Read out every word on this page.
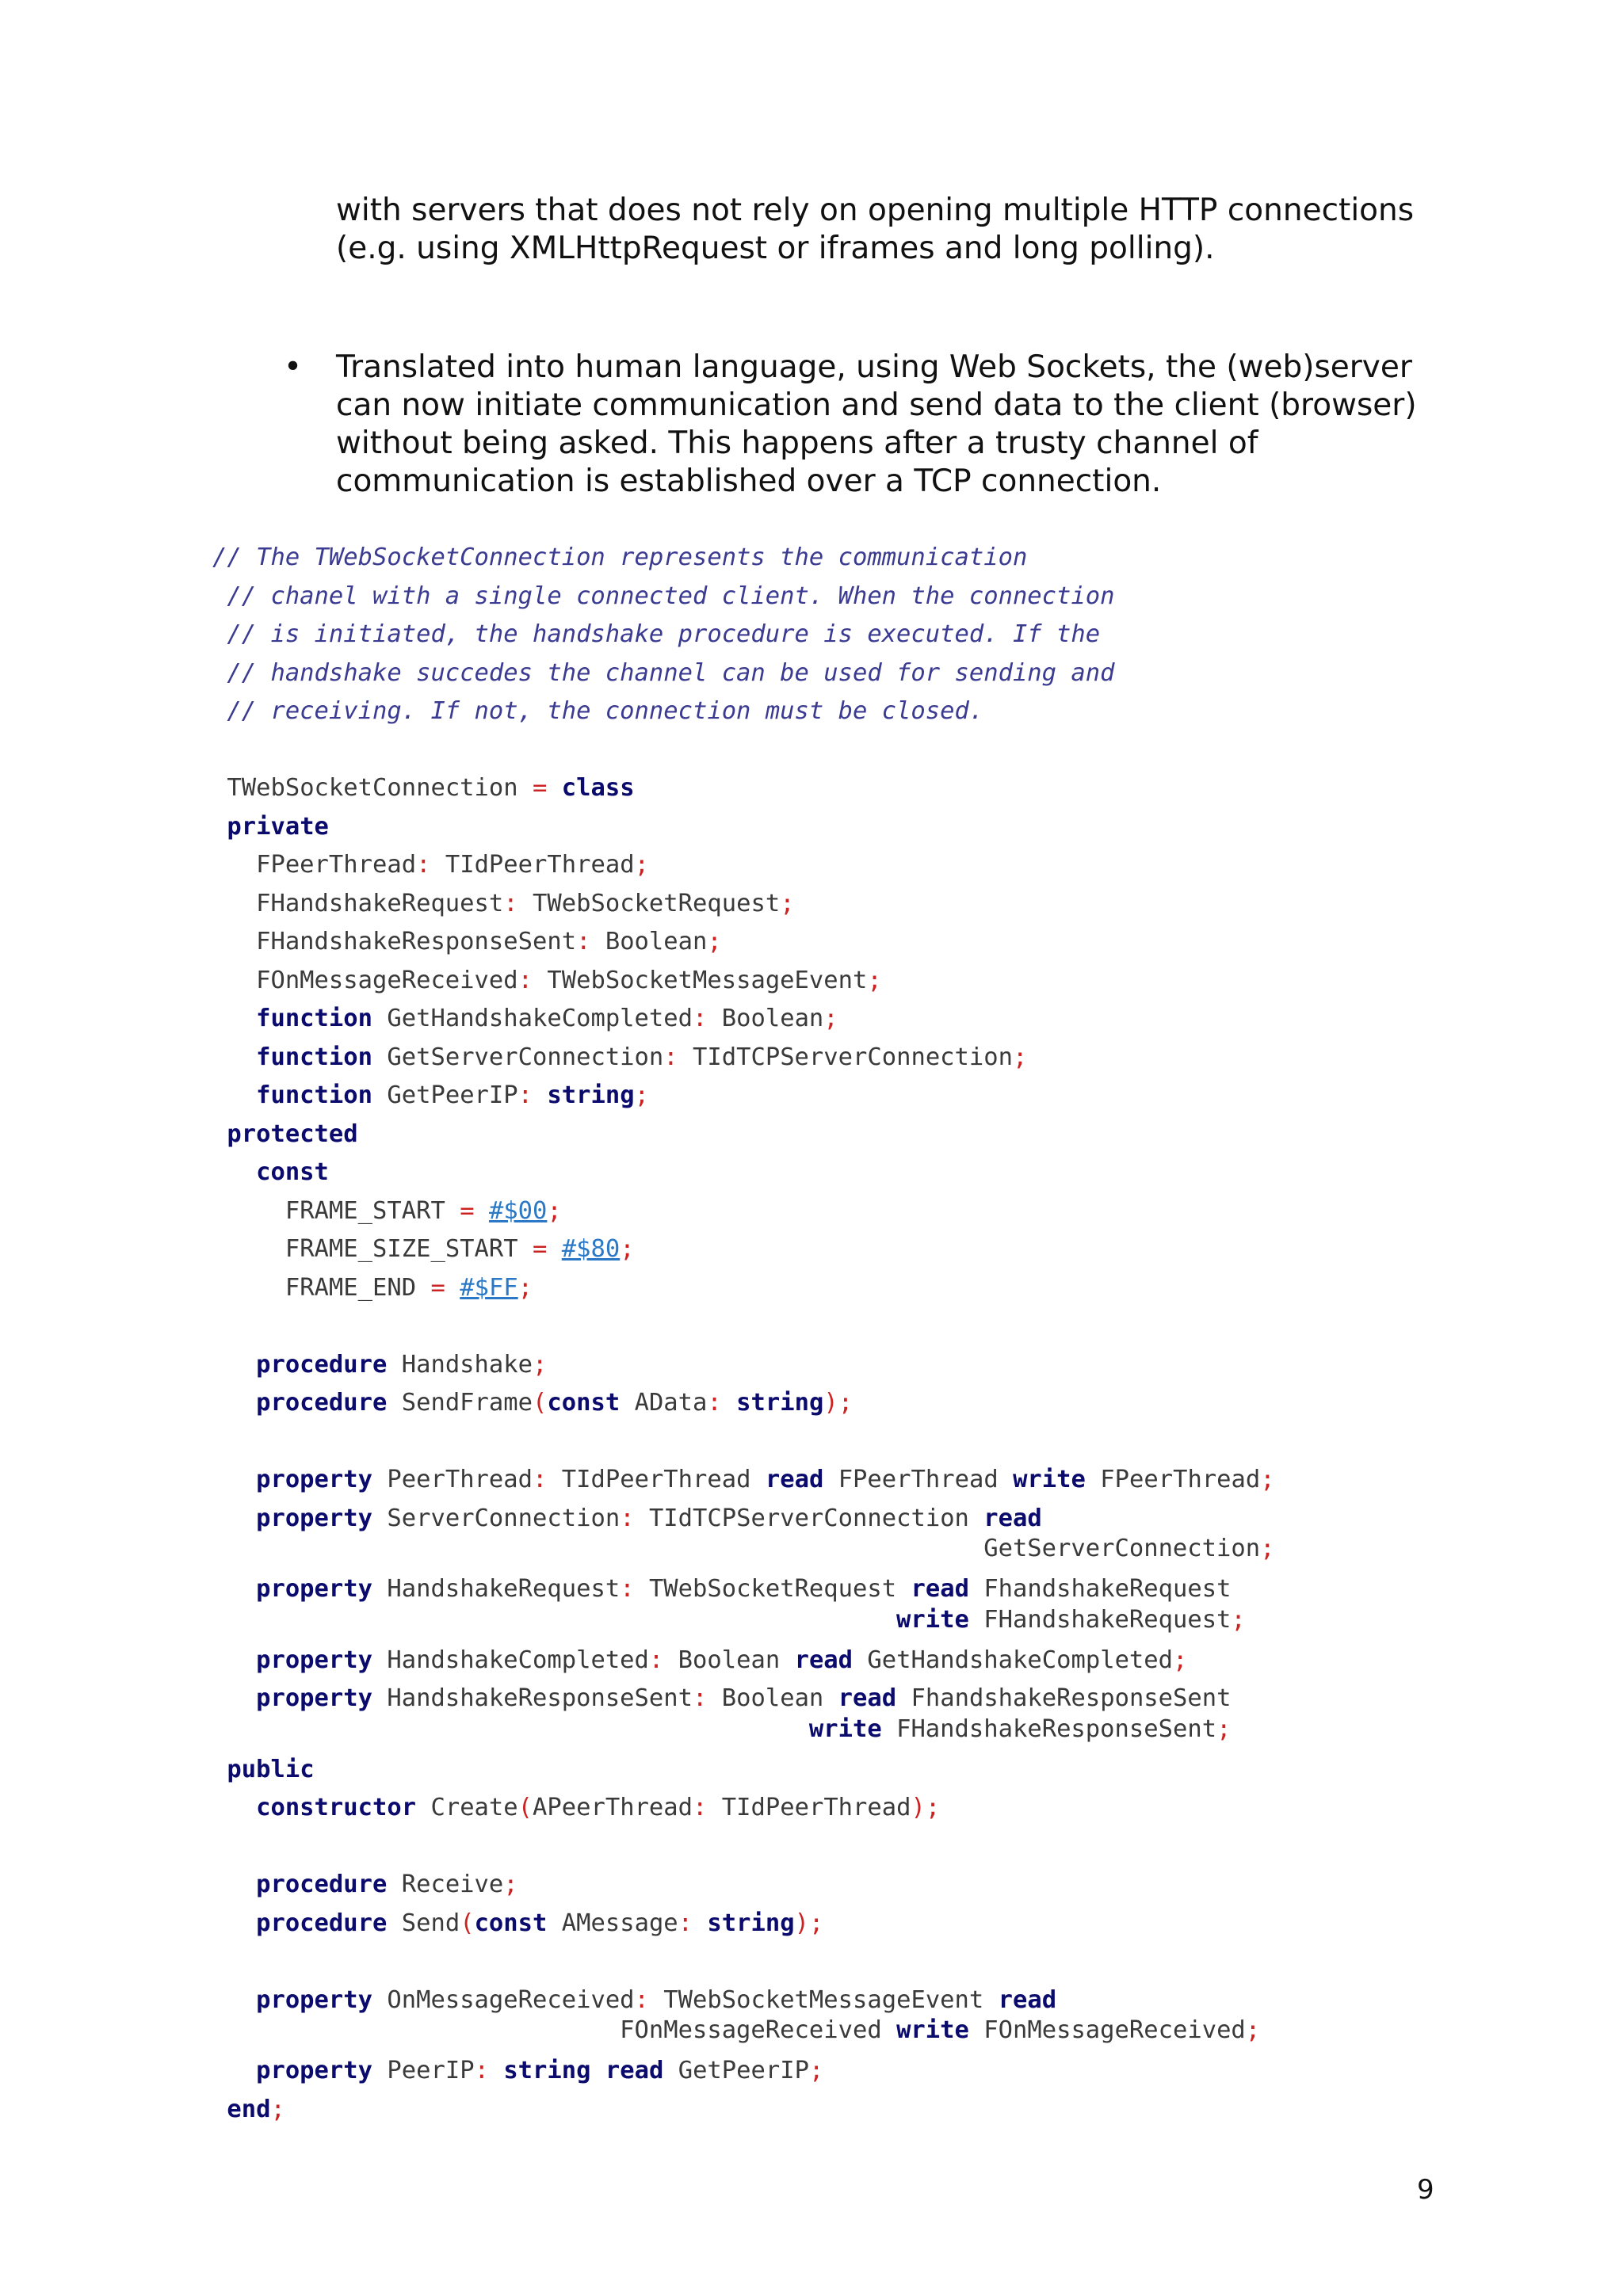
with servers that does not rely on opening multiple HTTP connections (e.g. using XMLHttpRequest or iframes and long polling).

• Translated into human language, using Web Sockets, the (web)server can now initiate communication and send data to the client (browser) without being asked. This happens after a trusty channel of communication is established over a TCP connection.

// The TWebSocketConnection represents the communication
// chanel with a single connected client. When the connection
// is initiated, the handshake procedure is executed. If the
// handshake succedes the channel can be used for sending and
// receiving. If not, the connection must be closed.

TWebSocketConnection = class
private
FPeerThread: TIdPeerThread;
FHandshakeRequest: TWebSocketRequest;
FHandshakeResponseSent: Boolean;
FOnMessageReceived: TWebSocketMessageEvent;
function GetHandshakeCompleted: Boolean;
function GetServerConnection: TIdTCPServerConnection;
function GetPeerIP: string;
protected
const
FRAME_START = #$00;
FRAME_SIZE_START = #$80;
FRAME_END = #$FF;

procedure Handshake;
procedure SendFrame(const AData: string);

property PeerThread: TIdPeerThread read FPeerThread write FPeerThread;
property ServerConnection: TIdTCPServerConnection read
GetServerConnection;
property HandshakeRequest: TWebSocketRequest read FhandshakeRequest
write FHandshakeRequest;
property HandshakeCompleted: Boolean read GetHandshakeCompleted;
property HandshakeResponseSent: Boolean read FhandshakeResponseSent
write FHandshakeResponseSent;
public
constructor Create(APeerThread: TIdPeerThread);

procedure Receive;
procedure Send(const AMessage: string);

property OnMessageReceived: TWebSocketMessageEvent read
FOnMessageReceived write FOnMessageReceived;
property PeerIP: string read GetPeerIP;
end;
9
